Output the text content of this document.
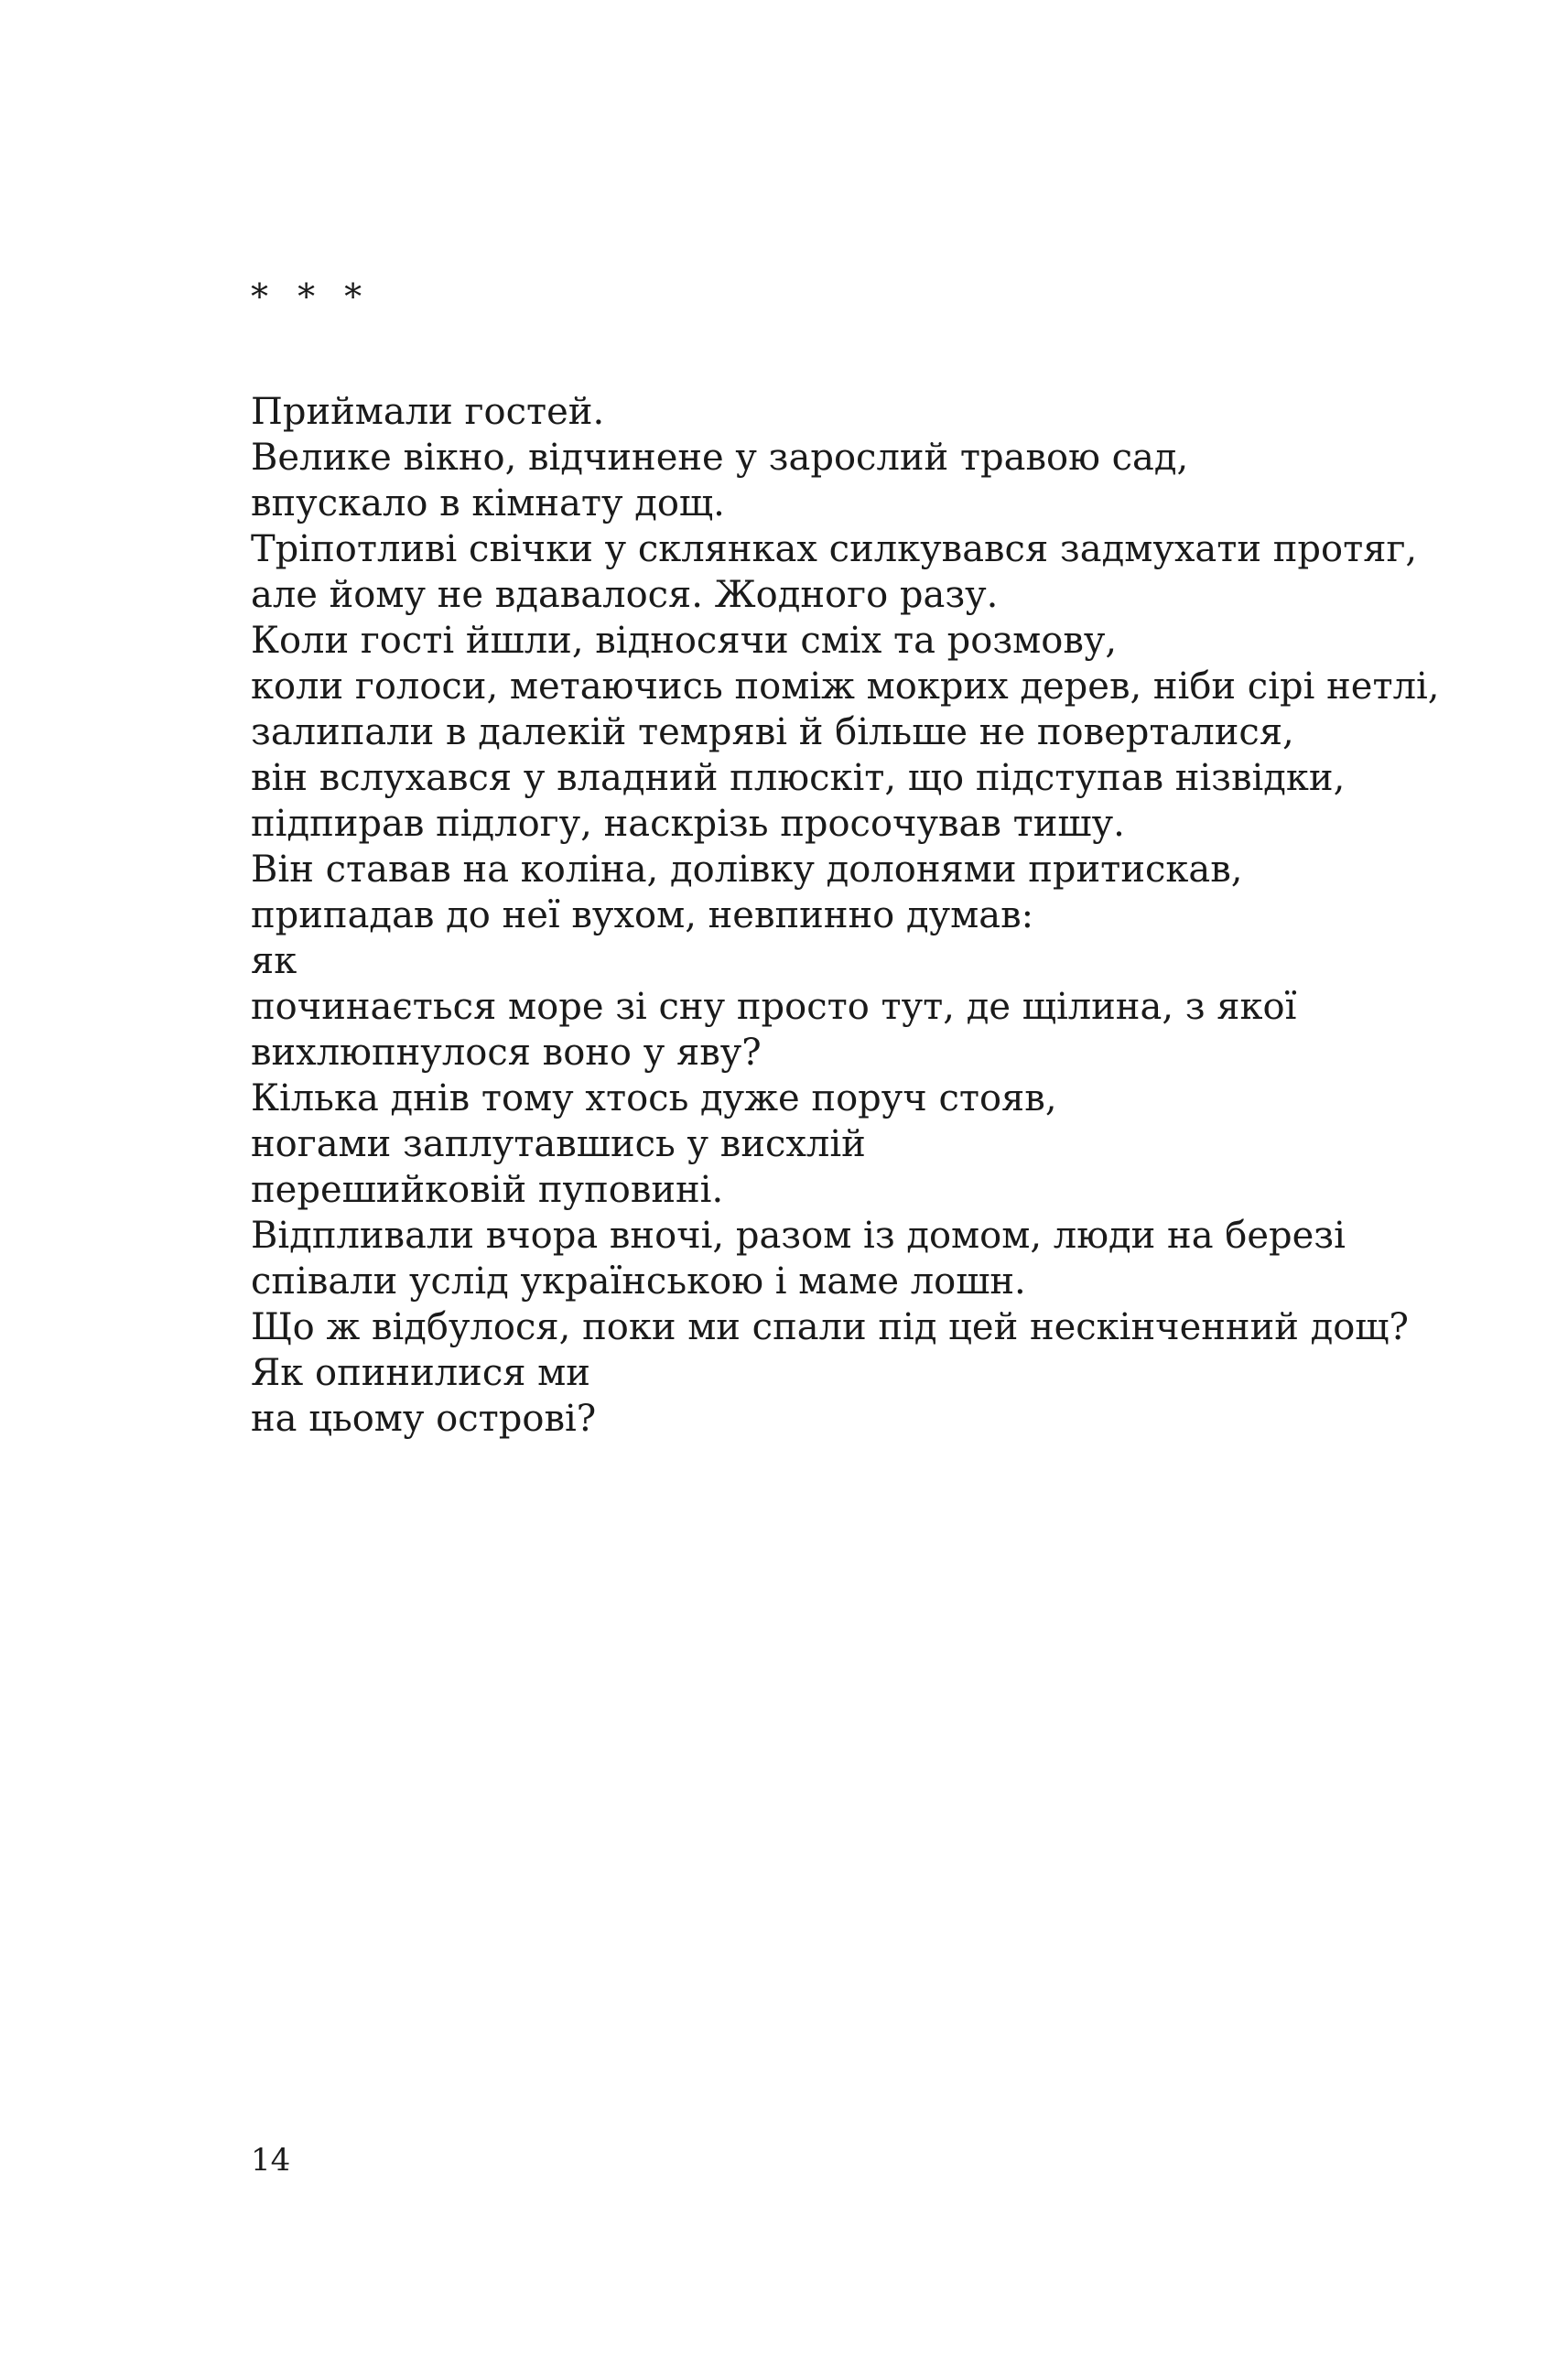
* * *

Приймали гостей.
Велике вікно, відчинене у зарослий травою сад,
впускало в кімнату дощ.
Тріпотливі свічки у склянках силкувався задмухати протяг,
але йому не вдавалося. Жодного разу.
Коли гості йшли, відносячи сміх та розмову,
коли голоси, метаючись поміж мокрих дерев, ніби сірі нетлі,
залипали в далекій темряві й більше не поверталися,
він вслухався у владний плюскіт, що підступав нізвідки,
підпирав підлогу, наскрізь просочував тишу.
Він ставав на коліна, долівку долонями притискав,
припадав до неї вухом, невпинно думав:
як
починається море зі сну просто тут, де щілина, з якої
вихлюпнулося воно у яву?
Кілька днів тому хтось дуже поруч стояв,
ногами заплутавшись у висхлій
перешийковій пуповині.
Відпливали вчора вночі, разом із домом, люди на березі
співали услід українською і маме лошн.
Що ж відбулося, поки ми спали під цей нескінченний дощ?
Як опинилися ми
на цьому острові?

14
